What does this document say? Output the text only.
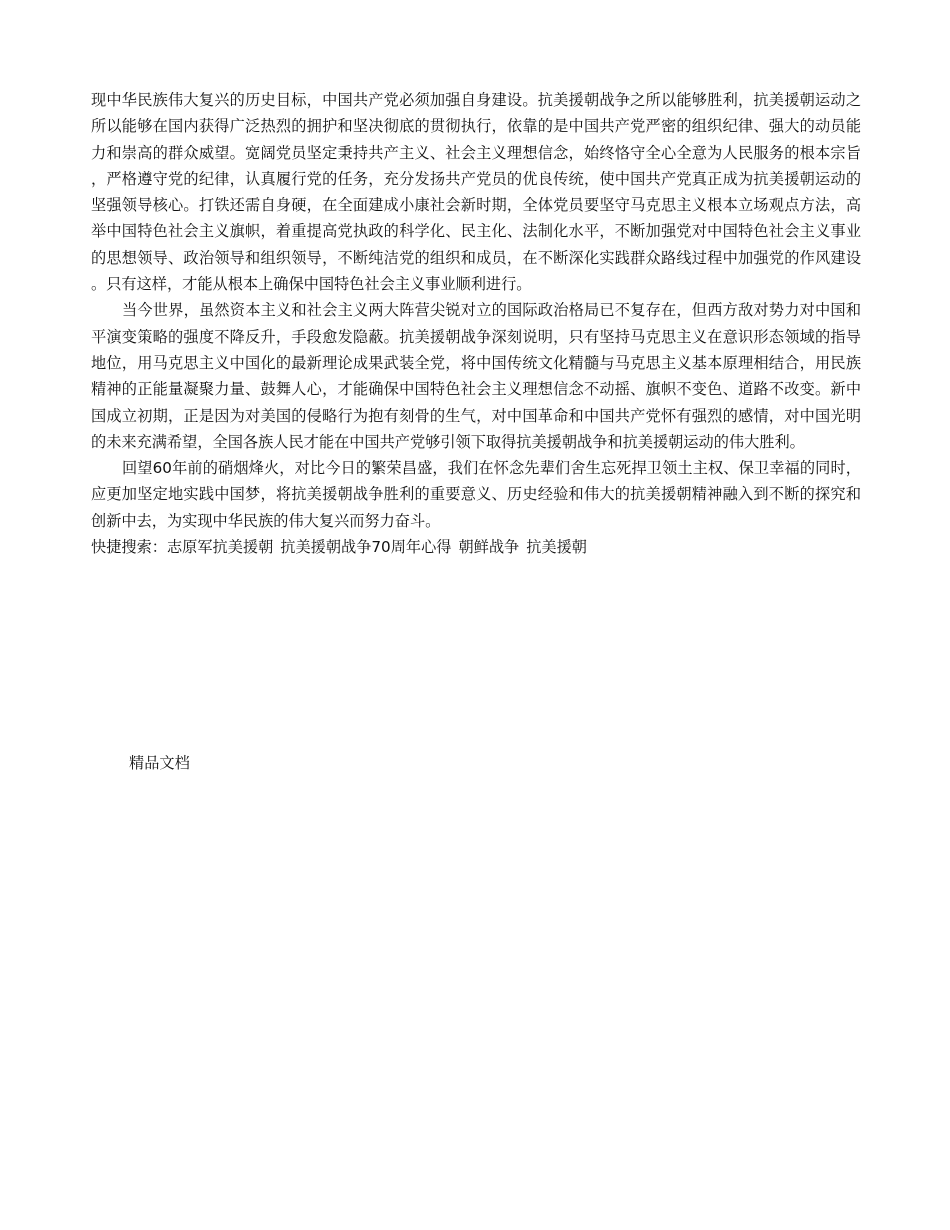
现中华民族伟大复兴的历史目标，中国共产党必须加强自身建设。抗美援朝战争之所以能够胜利，抗美援朝运动之所以能够在国内获得广泛热烈的拥护和坚决彻底的贯彻执行，依靠的是中国共产党严密的组织纪律、强大的动员能力和崇高的群众威望。宽阔党员坚定秉持共产主义、社会主义理想信念，始终恪守全心全意为人民服务的根本宗旨，严格遵守党的纪律，认真履行党的任务，充分发扬共产党员的优良传统，使中国共产党真正成为抗美援朝运动的坚强领导核心。打铁还需自身硬，在全面建成小康社会新时期，全体党员要坚守马克思主义根本立场观点方法，高举中国特色社会主义旗帜，着重提高党执政的科学化、民主化、法制化水平，不断加强党对中国特色社会主义事业的思想领导、政治领导和组织领导，不断纯洁党的组织和成员，在不断深化实践群众路线过程中加强党的作风建设。只有这样，才能从根本上确保中国特色社会主义事业顺利进行。

当今世界，虽然资本主义和社会主义两大阵营尖锐对立的国际政治格局已不复存在，但西方敌对势力对中国和平演变策略的强度不降反升，手段愈发隐蔽。抗美援朝战争深刻说明，只有坚持马克思主义在意识形态领域的指导地位，用马克思主义中国化的最新理论成果武装全党，将中国传统文化精髓与马克思主义基本原理相结合，用民族精神的正能量凝聚力量、鼓舞人心，才能确保中国特色社会主义理想信念不动摇、旗帜不变色、道路不改变。新中国成立初期，正是因为对美国的侵略行为抱有刻骨的生气，对中国革命和中国共产党怀有强烈的感情，对中国光明的未来充满希望，全国各族人民才能在中国共产党够引领下取得抗美援朝战争和抗美援朝运动的伟大胜利。

回望60年前的硝烟烽火，对比今日的繁荣昌盛，我们在怀念先辈们舍生忘死捍卫领土主权、保卫幸福的同时，应更加坚定地实践中国梦，将抗美援朝战争胜利的重要意义、历史经验和伟大的抗美援朝精神融入到不断的探究和创新中去，为实现中华民族的伟大复兴而努力奋斗。

快捷搜索：志原军抗美援朝 抗美援朝战争70周年心得 朝鲜战争 抗美援朝

精品文档
